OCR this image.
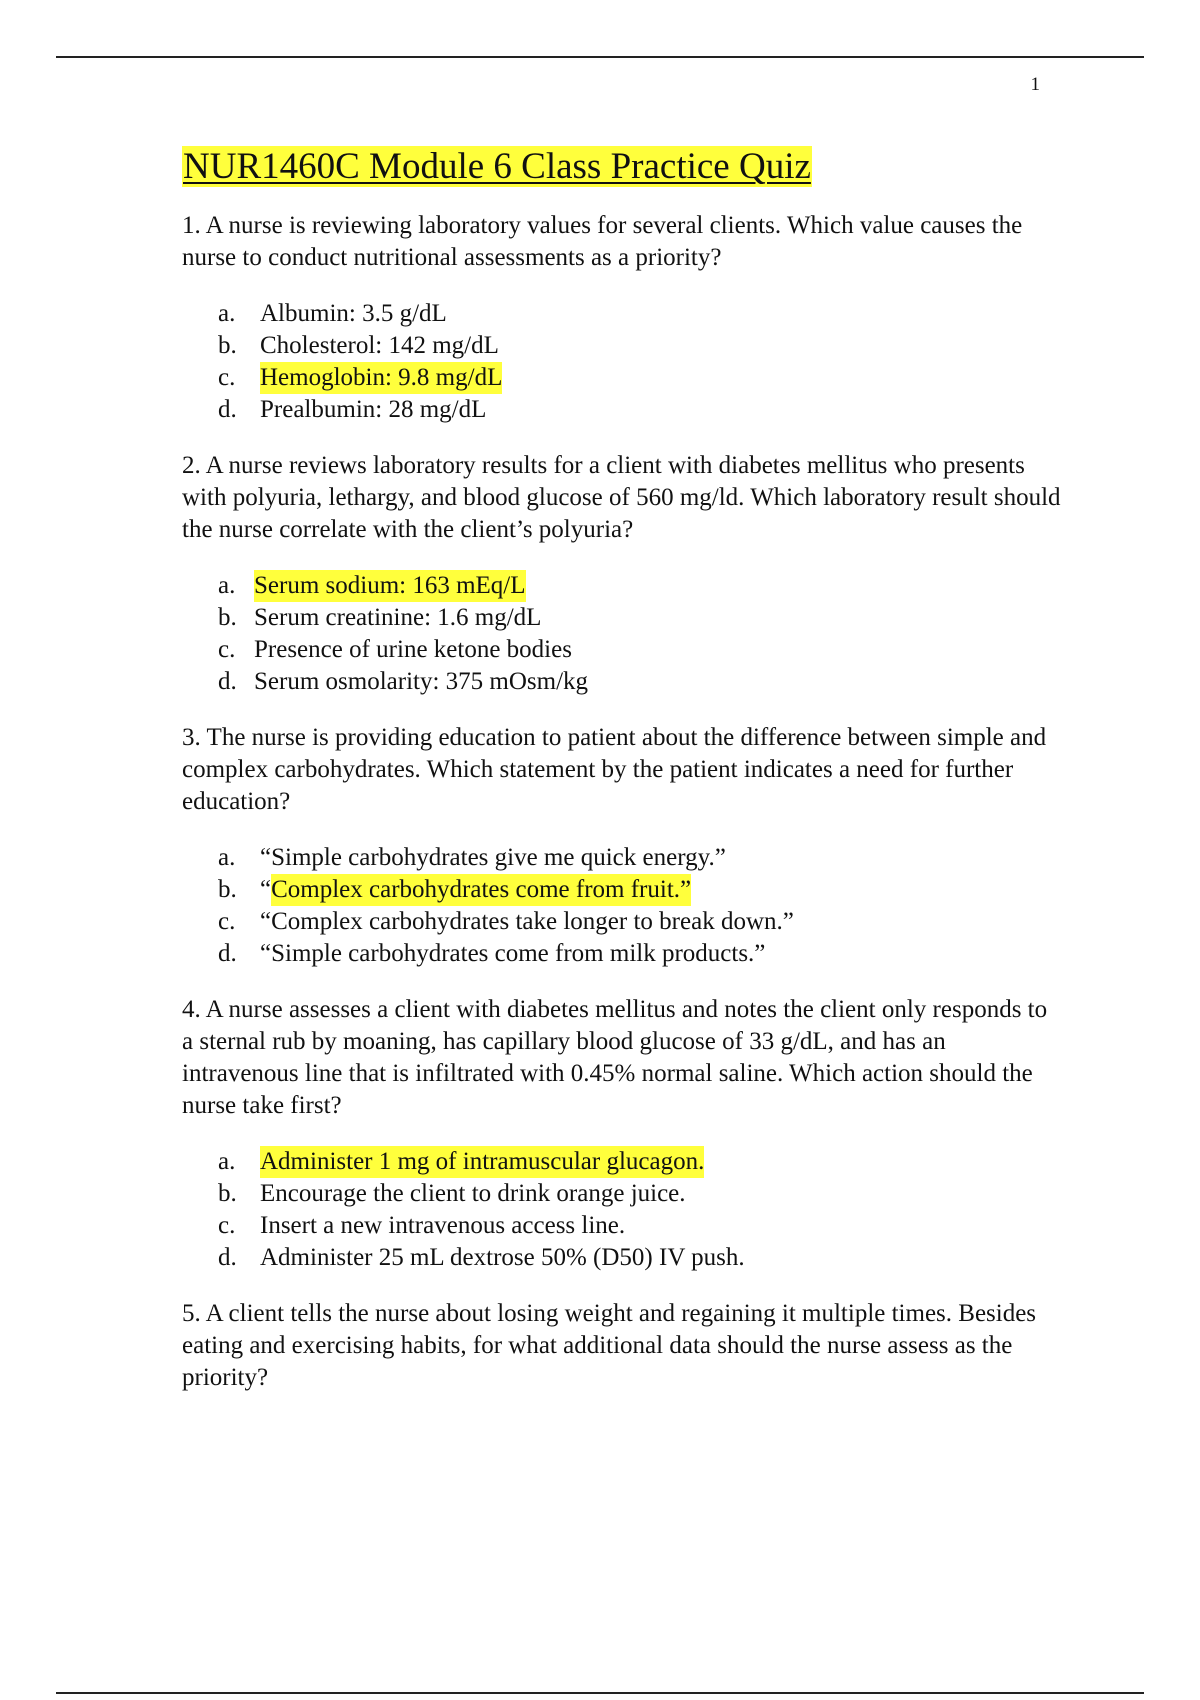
1
NUR1460C Module 6 Class Practice Quiz

1. A nurse is reviewing laboratory values for several clients. Which value causes the nurse to conduct nutritional assessments as a priority?

a. Albumin: 3.5 g/dL
b. Cholesterol: 142 mg/dL
c. Hemoglobin: 9.8 mg/dL
d. Prealbumin: 28 mg/dL

2. A nurse reviews laboratory results for a client with diabetes mellitus who presents with polyuria, lethargy, and blood glucose of 560 mg/ld. Which laboratory result should the nurse correlate with the client’s polyuria?

a. Serum sodium: 163 mEq/L
b. Serum creatinine: 1.6 mg/dL
c. Presence of urine ketone bodies
d. Serum osmolarity: 375 mOsm/kg

3. The nurse is providing education to patient about the difference between simple and complex carbohydrates. Which statement by the patient indicates a need for further education?

a. “Simple carbohydrates give me quick energy.”
b. “ Complex carbohydrates come from fruit.”
c. “Complex carbohydrates take longer to break down.”
d. “Simple carbohydrates come from milk products.”

4. A nurse assesses a client with diabetes mellitus and notes the client only responds to a sternal rub by moaning, has capillary blood glucose of 33 g/dL, and has an intravenous line that is infiltrated with 0.45% normal saline. Which action should the nurse take first?

a. Administer 1 mg of intramuscular glucagon.
b. Encourage the client to drink orange juice.
c. Insert a new intravenous access line.
d. Administer 25 mL dextrose 50% (D50) IV push.

5. A client tells the nurse about losing weight and regaining it multiple times. Besides eating and exercising habits, for what additional data should the nurse assess as the priority?
